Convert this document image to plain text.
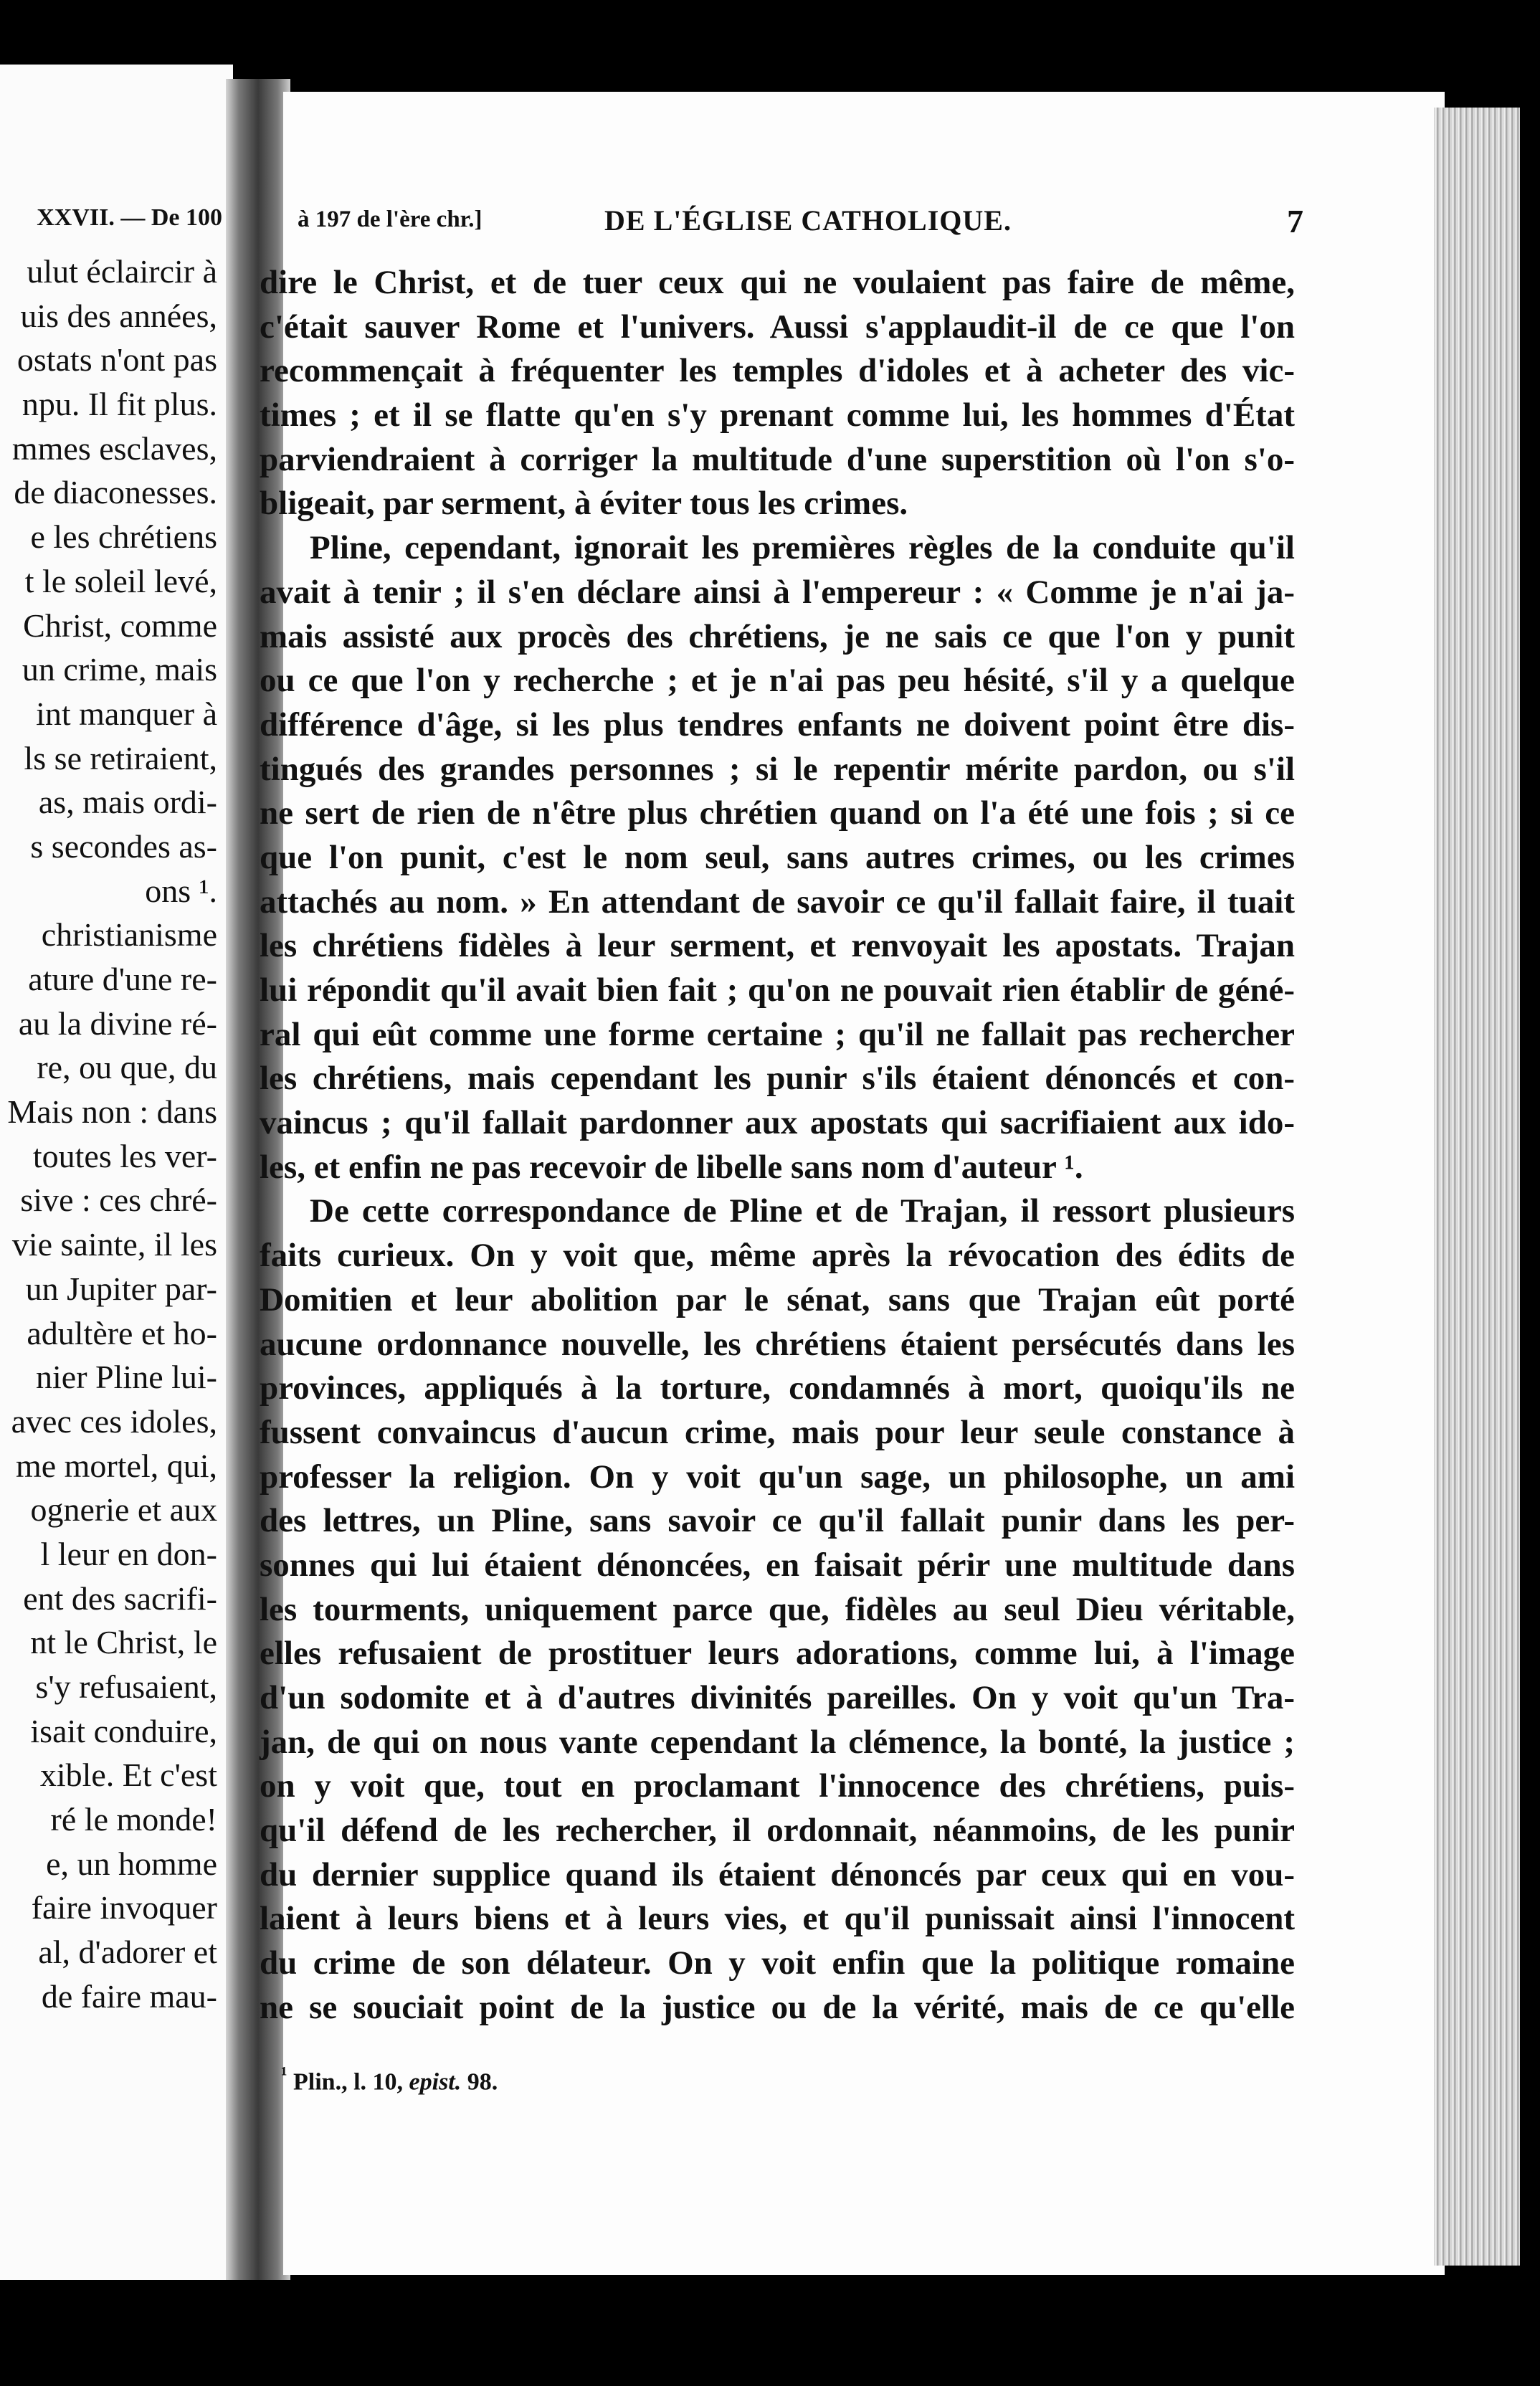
XXVII. — De 100
ulut éclaircir à
uis des années,
ostats n'ont pas
npu. Il fit plus.
mmes esclaves,
de diaconesses.
e les chrétiens
t le soleil levé,
Christ, comme
un crime, mais
int manquer à
ls se retiraient,
as, mais ordi-
s secondes as-
ons ¹.
christianisme
ature d'une re-
au la divine ré-
re, ou que, du
Mais non : dans
toutes les ver-
sive : ces chré-
vie sainte, il les
un Jupiter par-
adultère et ho-
nier Pline lui-
avec ces idoles,
me mortel, qui,
ognerie et aux
l leur en don-
ent des sacrifi-
nt le Christ, le
s'y refusaient,
isait conduire,
xible. Et c'est
ré le monde!
e, un homme
faire invoquer
al, d'adorer et
de faire mau-
à 197 de l'ère chr.]	DE L'ÉGLISE CATHOLIQUE.	7
dire le Christ, et de tuer ceux qui ne voulaient pas faire de même,
c'était sauver Rome et l'univers. Aussi s'applaudit-il de ce que l'on
recommençait à fréquenter les temples d'idoles et à acheter des vic-
times ; et il se flatte qu'en s'y prenant comme lui, les hommes d'État
parviendraient à corriger la multitude d'une superstition où l'on s'o-
bligeait, par serment, à éviter tous les crimes.
Pline, cependant, ignorait les premières règles de la conduite qu'il
avait à tenir ; il s'en déclare ainsi à l'empereur : « Comme je n'ai ja-
mais assisté aux procès des chrétiens, je ne sais ce que l'on y punit
ou ce que l'on y recherche ; et je n'ai pas peu hésité, s'il y a quelque
différence d'âge, si les plus tendres enfants ne doivent point être dis-
tingués des grandes personnes ; si le repentir mérite pardon, ou s'il
ne sert de rien de n'être plus chrétien quand on l'a été une fois ; si ce
que l'on punit, c'est le nom seul, sans autres crimes, ou les crimes
attachés au nom. » En attendant de savoir ce qu'il fallait faire, il tuait
les chrétiens fidèles à leur serment, et renvoyait les apostats. Trajan
lui répondit qu'il avait bien fait ; qu'on ne pouvait rien établir de géné-
ral qui eût comme une forme certaine ; qu'il ne fallait pas rechercher
les chrétiens, mais cependant les punir s'ils étaient dénoncés et con-
vaincus ; qu'il fallait pardonner aux apostats qui sacrifiaient aux ido-
les, et enfin ne pas recevoir de libelle sans nom d'auteur ¹.
De cette correspondance de Pline et de Trajan, il ressort plusieurs
faits curieux. On y voit que, même après la révocation des édits de
Domitien et leur abolition par le sénat, sans que Trajan eût porté
aucune ordonnance nouvelle, les chrétiens étaient persécutés dans les
provinces, appliqués à la torture, condamnés à mort, quoiqu'ils ne
fussent convaincus d'aucun crime, mais pour leur seule constance à
professer la religion. On y voit qu'un sage, un philosophe, un ami
des lettres, un Pline, sans savoir ce qu'il fallait punir dans les per-
sonnes qui lui étaient dénoncées, en faisait périr une multitude dans
les tourments, uniquement parce que, fidèles au seul Dieu véritable,
elles refusaient de prostituer leurs adorations, comme lui, à l'image
d'un sodomite et à d'autres divinités pareilles. On y voit qu'un Tra-
jan, de qui on nous vante cependant la clémence, la bonté, la justice ;
on y voit que, tout en proclamant l'innocence des chrétiens, puis-
qu'il défend de les rechercher, il ordonnait, néanmoins, de les punir
du dernier supplice quand ils étaient dénoncés par ceux qui en vou-
laient à leurs biens et à leurs vies, et qu'il punissait ainsi l'innocent
du crime de son délateur. On y voit enfin que la politique romaine
ne se souciait point de la justice ou de la vérité, mais de ce qu'elle
$^{^1}$ Plin., l. 10, epist. 98.
